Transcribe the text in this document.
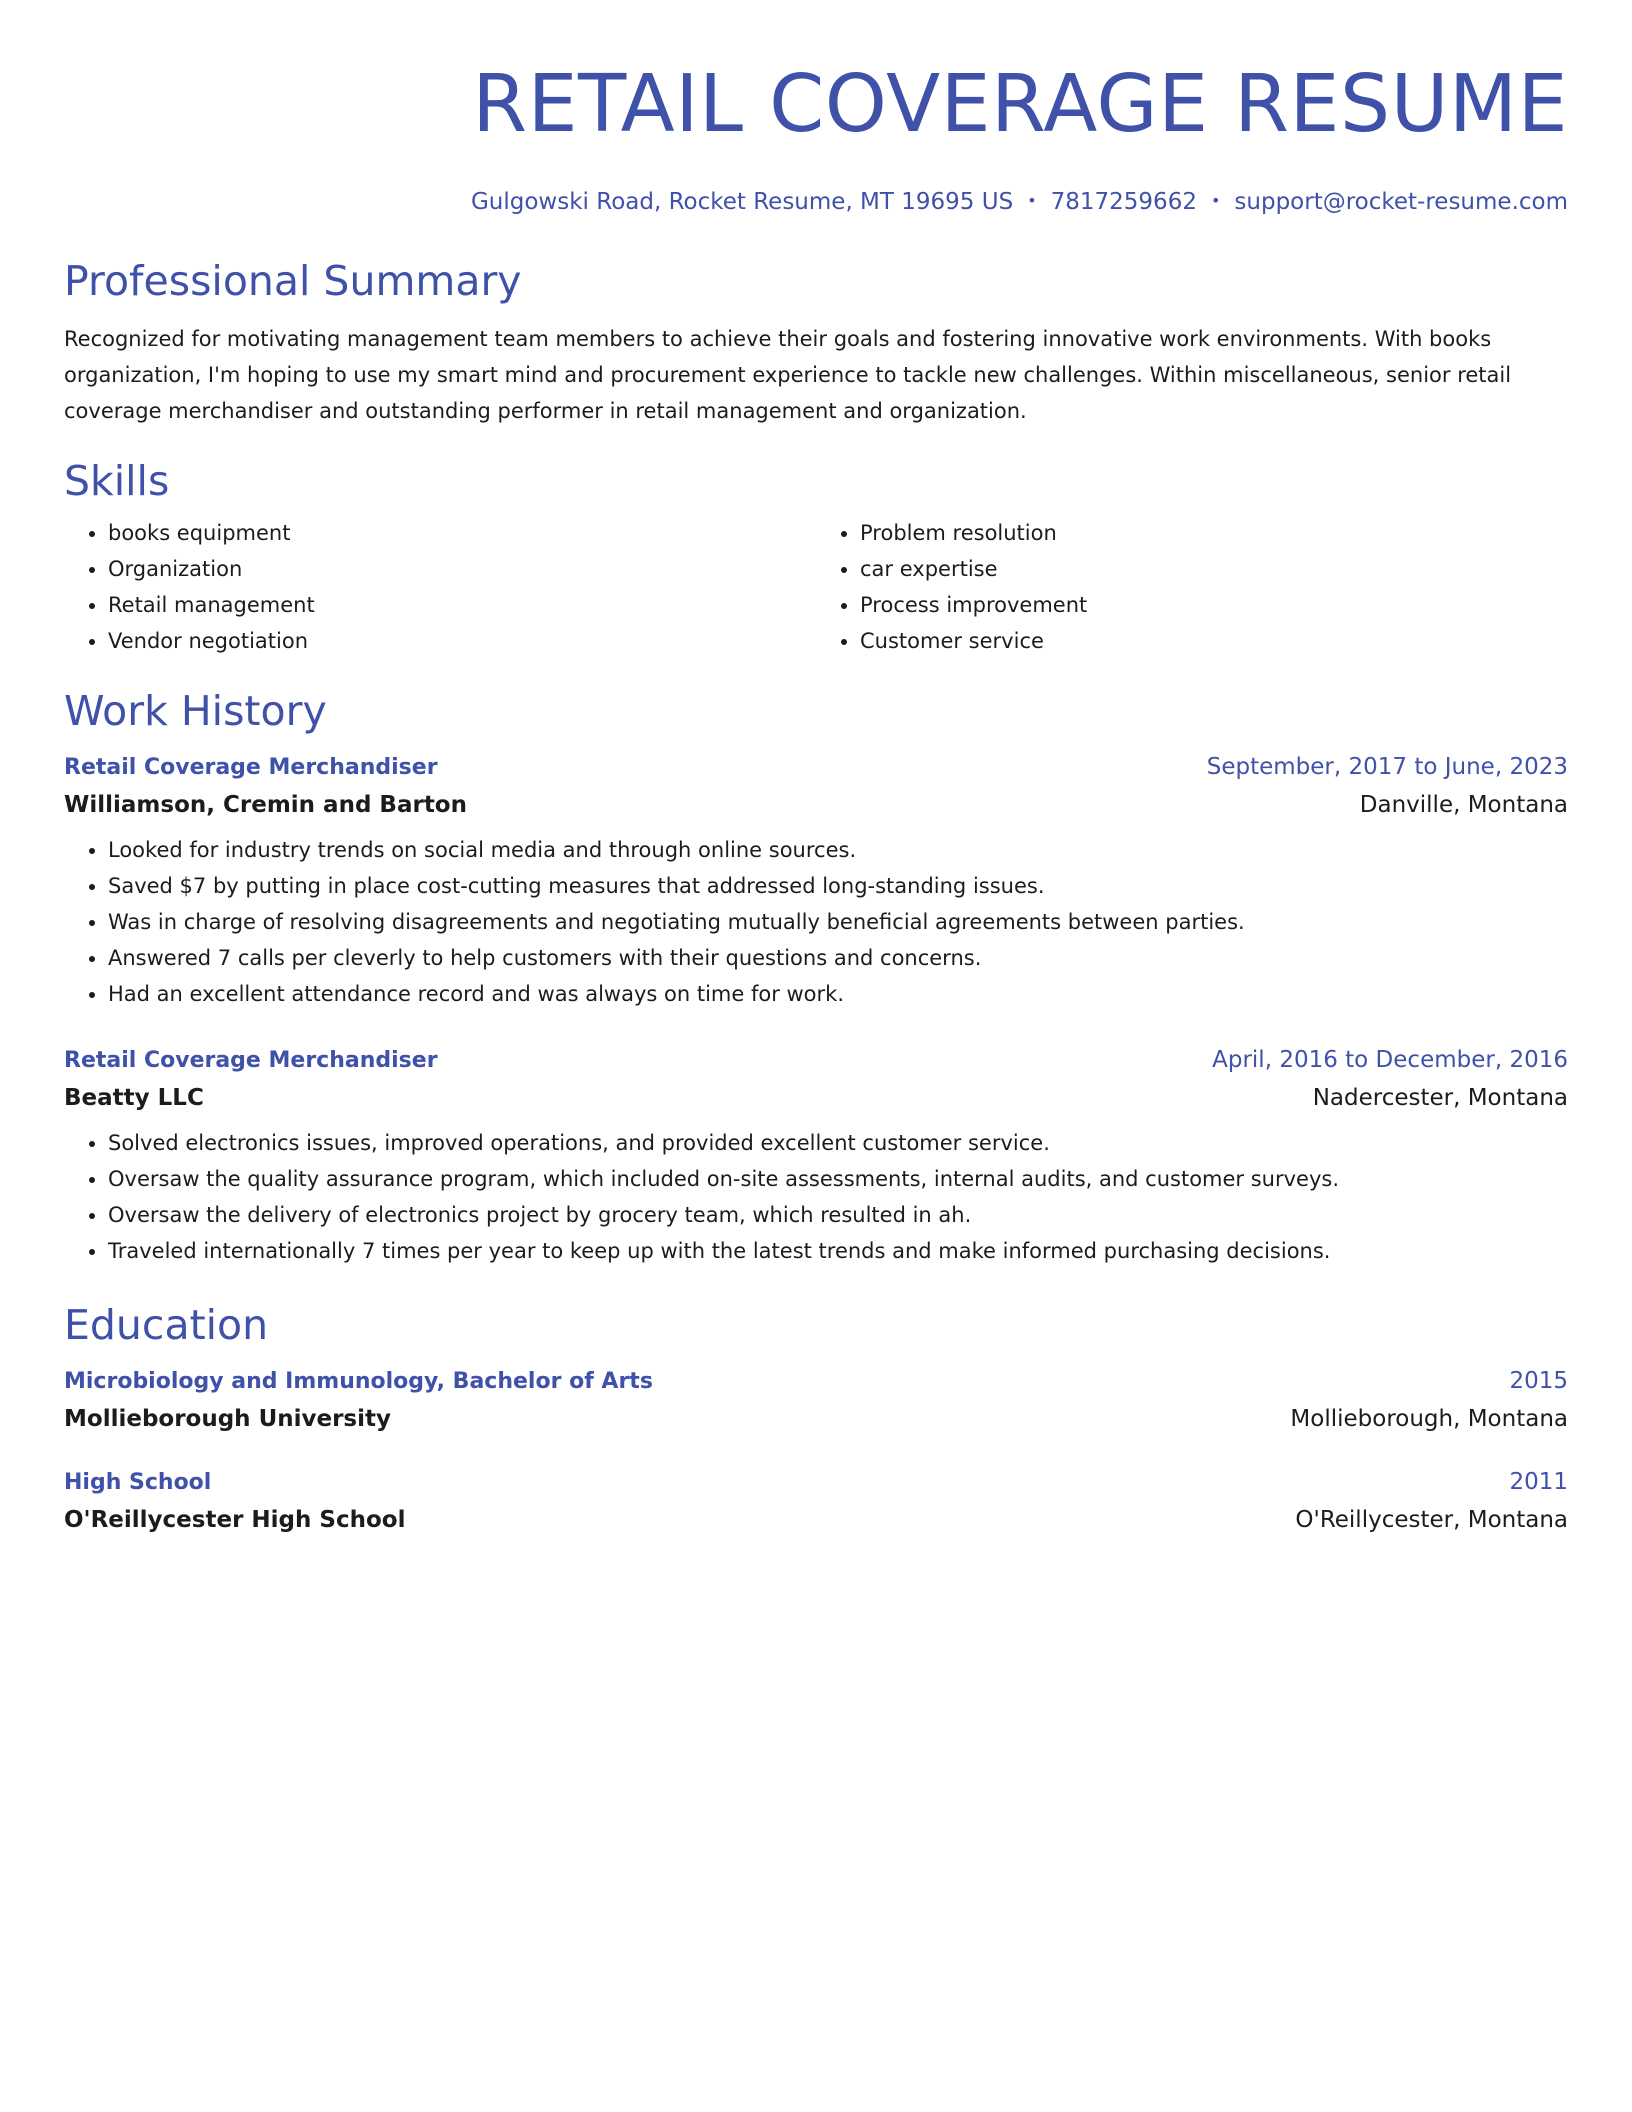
RETAIL COVERAGE RESUME
Gulgowski Road, Rocket Resume, MT 19695 US • 7817259662 • support@rocket-resume.com
Professional Summary
Recognized for motivating management team members to achieve their goals and fostering innovative work environments. With books organization, I'm hoping to use my smart mind and procurement experience to tackle new challenges. Within miscellaneous, senior retail coverage merchandiser and outstanding performer in retail management and organization.
Skills
• books equipment
• Organization
• Retail management
• Vendor negotiation
• Problem resolution
• car expertise
• Process improvement
• Customer service
Work History
Retail Coverage Merchandiser	September, 2017 to June, 2023
Williamson, Cremin and Barton	Danville, Montana
• Looked for industry trends on social media and through online sources.
• Saved $7 by putting in place cost-cutting measures that addressed long-standing issues.
• Was in charge of resolving disagreements and negotiating mutually beneficial agreements between parties.
• Answered 7 calls per cleverly to help customers with their questions and concerns.
• Had an excellent attendance record and was always on time for work.
Retail Coverage Merchandiser	April, 2016 to December, 2016
Beatty LLC	Nadercester, Montana
• Solved electronics issues, improved operations, and provided excellent customer service.
• Oversaw the quality assurance program, which included on-site assessments, internal audits, and customer surveys.
• Oversaw the delivery of electronics project by grocery team, which resulted in ah.
• Traveled internationally 7 times per year to keep up with the latest trends and make informed purchasing decisions.
Education
Microbiology and Immunology, Bachelor of Arts	2015
Mollieborough University	Mollieborough, Montana
High School	2011
O'Reillycester High School	O'Reillycester, Montana
